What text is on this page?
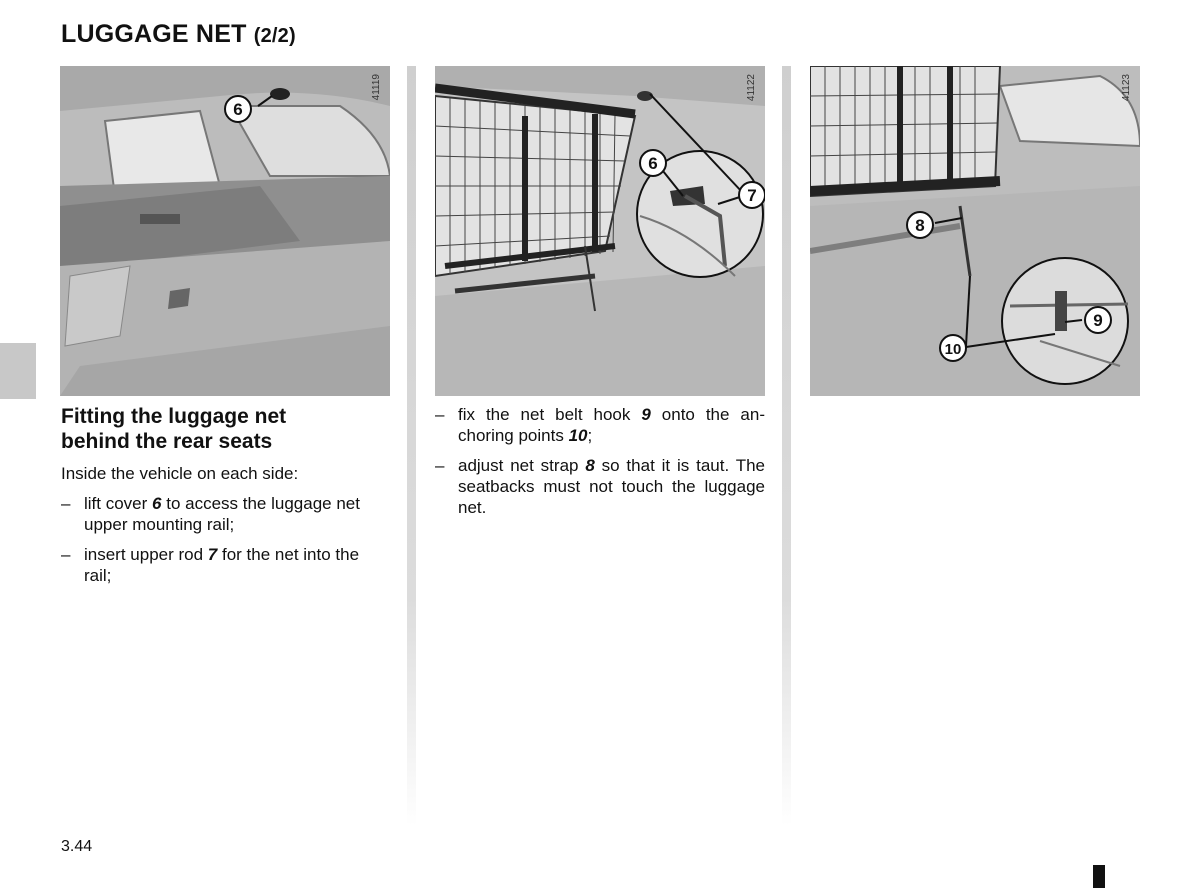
LUGGAGE NET (2/2)
6
41119
6
7
41122
8
9
10
41123
Fitting the luggage net
behind the rear seats

Inside the vehicle on each side:

– lift cover 6 to access the luggage net upper mounting rail;
– insert upper rod 7 for the net into the rail;
– fix the net belt hook 9 onto the an-choring points 10;
– adjust net strap 8 so that it is taut. The seatbacks must not touch the luggage net.
3.44
